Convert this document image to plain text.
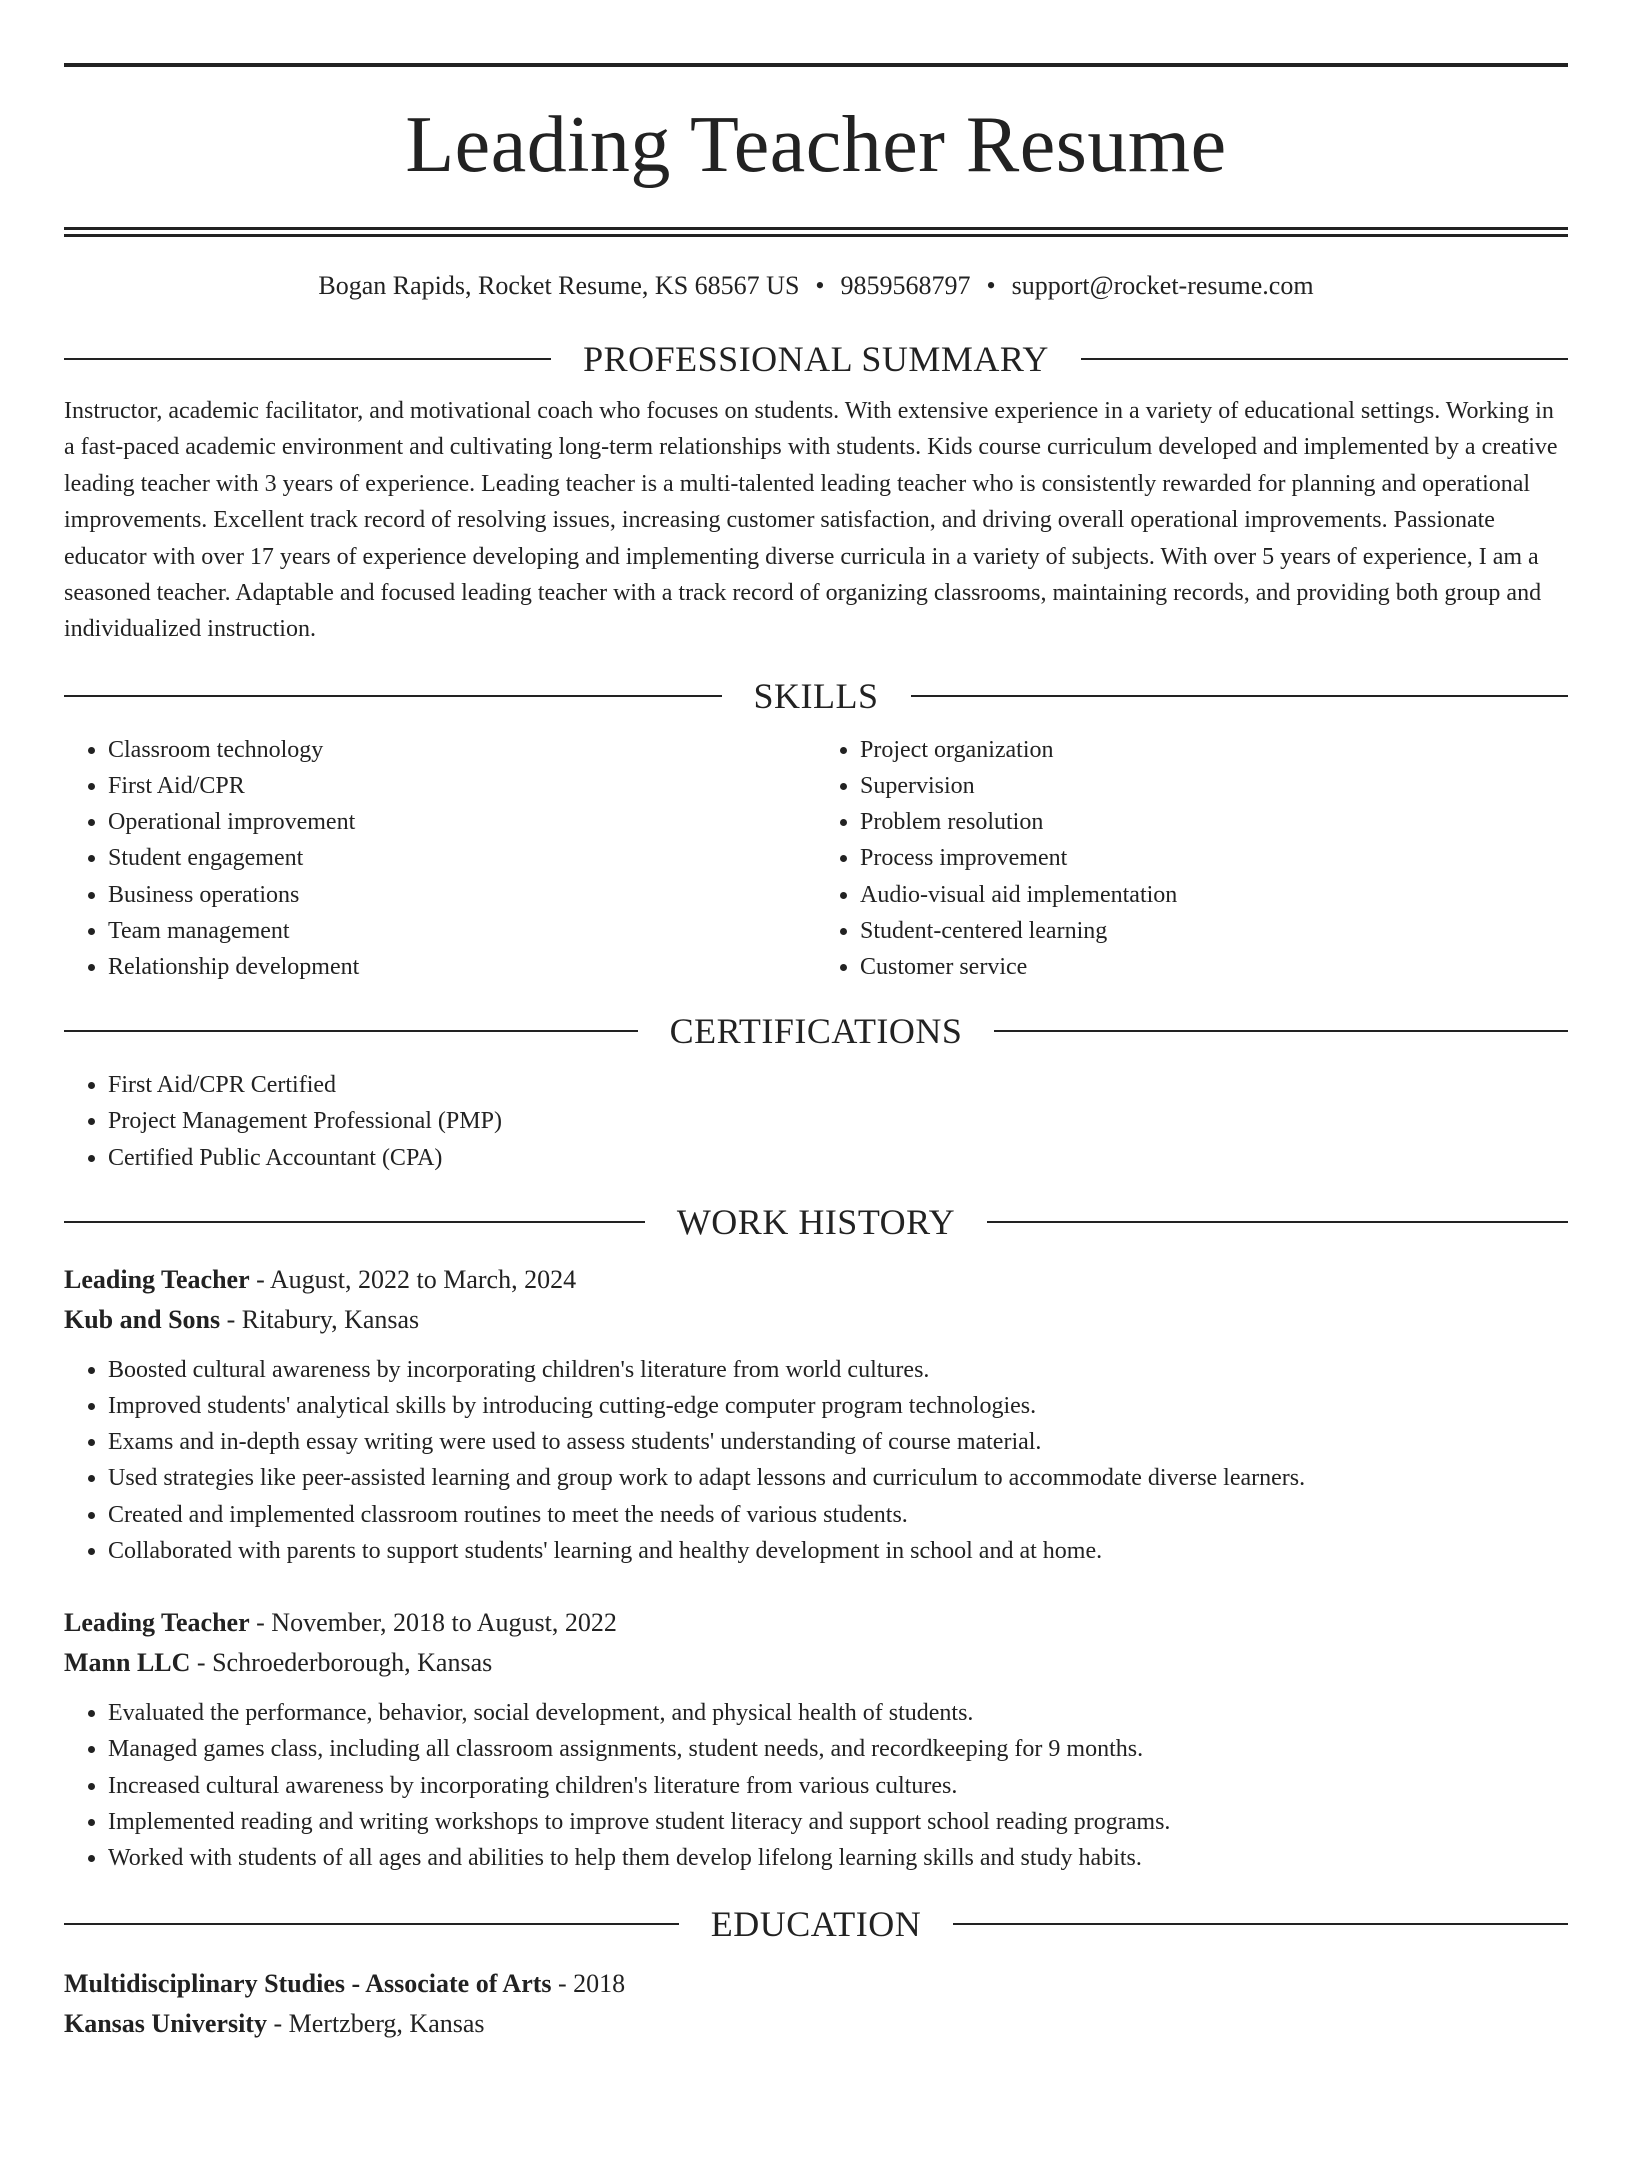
Leading Teacher Resume
Bogan Rapids, Rocket Resume, KS 68567 US • 9859568797 • support@rocket-resume.com
PROFESSIONAL SUMMARY
Instructor, academic facilitator, and motivational coach who focuses on students. With extensive experience in a variety of educational settings. Working in a fast-paced academic environment and cultivating long-term relationships with students. Kids course curriculum developed and implemented by a creative leading teacher with 3 years of experience. Leading teacher is a multi-talented leading teacher who is consistently rewarded for planning and operational improvements. Excellent track record of resolving issues, increasing customer satisfaction, and driving overall operational improvements. Passionate educator with over 17 years of experience developing and implementing diverse curricula in a variety of subjects. With over 5 years of experience, I am a seasoned teacher. Adaptable and focused leading teacher with a track record of organizing classrooms, maintaining records, and providing both group and individualized instruction.
SKILLS
• Classroom technology
• First Aid/CPR
• Operational improvement
• Student engagement
• Business operations
• Team management
• Relationship development
• Project organization
• Supervision
• Problem resolution
• Process improvement
• Audio-visual aid implementation
• Student-centered learning
• Customer service
CERTIFICATIONS
• First Aid/CPR Certified
• Project Management Professional (PMP)
• Certified Public Accountant (CPA)
WORK HISTORY
Leading Teacher - August, 2022 to March, 2024
Kub and Sons - Ritabury, Kansas
• Boosted cultural awareness by incorporating children's literature from world cultures.
• Improved students' analytical skills by introducing cutting-edge computer program technologies.
• Exams and in-depth essay writing were used to assess students' understanding of course material.
• Used strategies like peer-assisted learning and group work to adapt lessons and curriculum to accommodate diverse learners.
• Created and implemented classroom routines to meet the needs of various students.
• Collaborated with parents to support students' learning and healthy development in school and at home.
Leading Teacher - November, 2018 to August, 2022
Mann LLC - Schroederborough, Kansas
• Evaluated the performance, behavior, social development, and physical health of students.
• Managed games class, including all classroom assignments, student needs, and recordkeeping for 9 months.
• Increased cultural awareness by incorporating children's literature from various cultures.
• Implemented reading and writing workshops to improve student literacy and support school reading programs.
• Worked with students of all ages and abilities to help them develop lifelong learning skills and study habits.
EDUCATION
Multidisciplinary Studies - Associate of Arts - 2018
Kansas University - Mertzberg, Kansas
